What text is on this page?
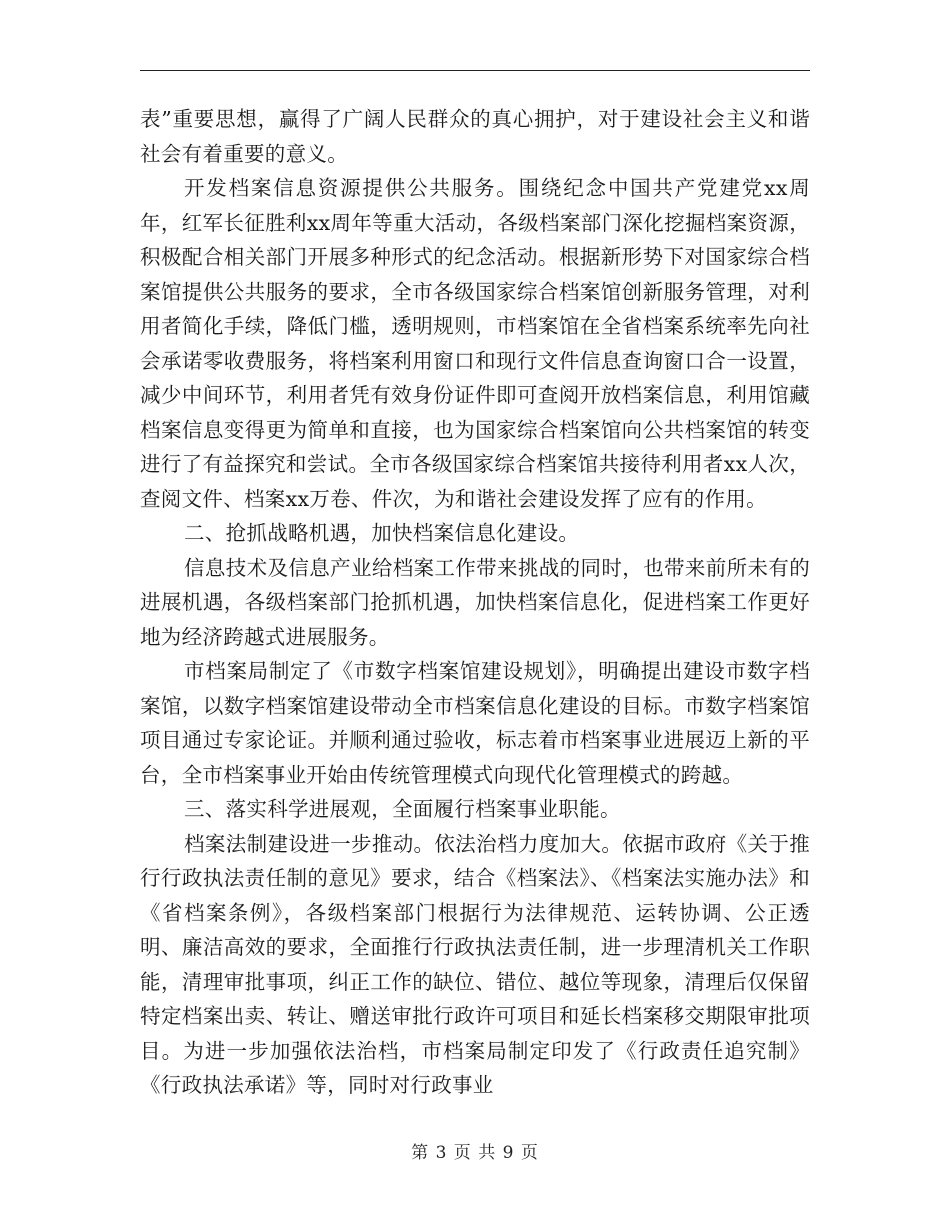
表”重要思想，赢得了广阔人民群众的真心拥护，对于建设社会主义和谐社会有着重要的意义。

开发档案信息资源提供公共服务。围绕纪念中国共产党建党xx周年，红军长征胜利xx周年等重大活动，各级档案部门深化挖掘档案资源，积极配合相关部门开展多种形式的纪念活动。根据新形势下对国家综合档案馆提供公共服务的要求，全市各级国家综合档案馆创新服务管理，对利用者简化手续，降低门槛，透明规则，市档案馆在全省档案系统率先向社会承诺零收费服务，将档案利用窗口和现行文件信息查询窗口合一设置，减少中间环节，利用者凭有效身份证件即可查阅开放档案信息，利用馆藏档案信息变得更为简单和直接，也为国家综合档案馆向公共档案馆的转变进行了有益探究和尝试。全市各级国家综合档案馆共接待利用者xx人次，查阅文件、档案xx万卷、件次，为和谐社会建设发挥了应有的作用。

二、抢抓战略机遇，加快档案信息化建设。

信息技术及信息产业给档案工作带来挑战的同时，也带来前所未有的进展机遇，各级档案部门抢抓机遇，加快档案信息化，促进档案工作更好地为经济跨越式进展服务。

市档案局制定了《市数字档案馆建设规划》，明确提出建设市数字档案馆，以数字档案馆建设带动全市档案信息化建设的目标。市数字档案馆项目通过专家论证。并顺利通过验收，标志着市档案事业进展迈上新的平台，全市档案事业开始由传统管理模式向现代化管理模式的跨越。

三、落实科学进展观，全面履行档案事业职能。

档案法制建设进一步推动。依法治档力度加大。依据市政府《关于推行行政执法责任制的意见》要求，结合《档案法》、《档案法实施办法》和《省档案条例》，各级档案部门根据行为法律规范、运转协调、公正透明、廉洁高效的要求，全面推行行政执法责任制，进一步理清机关工作职能，清理审批事项，纠正工作的缺位、错位、越位等现象，清理后仅保留特定档案出卖、转让、赠送审批行政许可项目和延长档案移交期限审批项目。为进一步加强依法治档，市档案局制定印发了《行政责任追究制》《行政执法承诺》等，同时对行政事业

第 3 页 共 9 页
